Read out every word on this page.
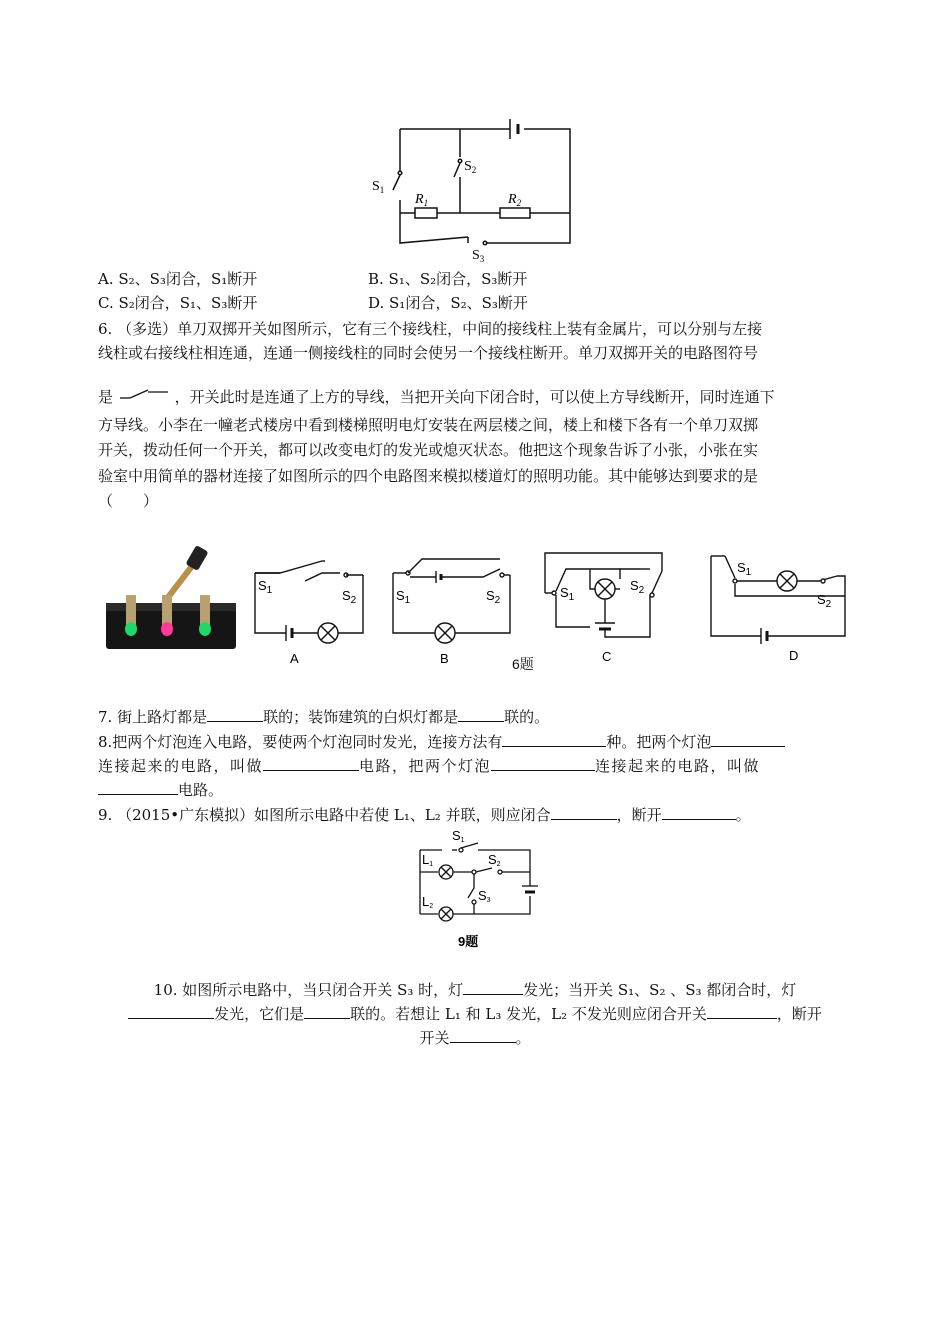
$S_1$
$S_2$
$S_3$
$R_1$	$R_2$
A. S₂、S₃闭合，S₁断开	B. S₁、S₂闭合，S₃断开
C. S₂闭合，S₁、S₃断开	D. S₁闭合，S₂、S₃断开
6. （多选）单刀双掷开关如图所示，它有三个接线柱，中间的接线柱上装有金属片，可以分别与左接
线柱或右接线柱相连通，连通一侧接线柱的同时会使另一个接线柱断开。单刀双掷开关的电路图符号
是	，开关此时是连通了上方的导线，当把开关向下闭合时，可以使上方导线断开，同时连通下
方导线。小李在一幢老式楼房中看到楼梯照明电灯安装在两层楼之间，楼上和楼下各有一个单刀双掷
开关，拨动任何一个开关，都可以改变电灯的发光或熄灭状态。他把这个现象告诉了小张，小张在实
验室中用简单的器材连接了如图所示的四个电路图来模拟楼道灯的照明功能。其中能够达到要求的是
（　　）
$S_1$	$S_2$
A
$S_1$	$S_2$
B	6题
$S_1$
$S_2$
C
$S_1$
$S_2$
D
7. 街上路灯都是	联的；装饰建筑的白炽灯都是	联的。
8.把两个灯泡连入电路，要使两个灯泡同时发光，连接方法有	种。把两个灯泡
连接起来的电路，叫做	电路，把两个灯泡	连接起来的电路，叫做
电路。
9. （2015•广东模拟）如图所示电路中若使 L₁、L₂ 并联，则应闭合	，断开	。
S1
S2
S3
L1
L2
9题
10. 如图所示电路中，当只闭合开关 S₃ 时，灯	发光；当开关 S₁、S₂ 、S₃ 都闭合时，灯
发光，它们是	联的。若想让 L₁ 和 L₃ 发光，L₂ 不发光则应闭合开关	，断开
开关	。
